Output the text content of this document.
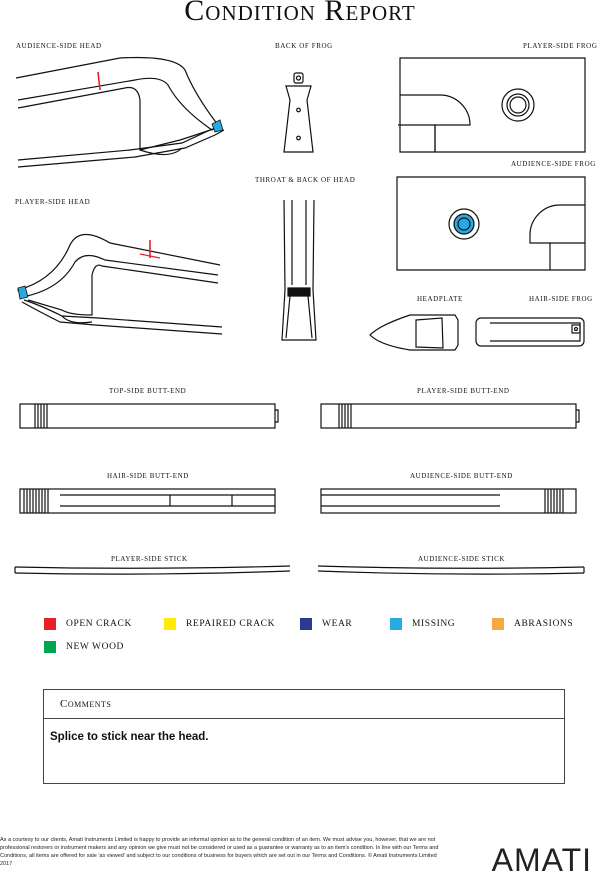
Condition Report
AUDIENCE-SIDE HEAD	BACK OF FROG	PLAYER-SIDE FROG
THROAT & BACK OF HEAD
AUDIENCE-SIDE FROG
PLAYER-SIDE HEAD
HEADPLATE	HAIR-SIDE FROG
TOP-SIDE BUTT-END	PLAYER-SIDE BUTT-END
HAIR-SIDE BUTT-END	AUDIENCE-SIDE BUTT-END
PLAYER-SIDE STICK	AUDIENCE-SIDE STICK
OPEN CRACK	REPAIRED CRACK	WEAR	MISSING	ABRASIONS
NEW WOOD
Comments
Splice to stick near the head.
As a courtesy to our clients, Amati Instruments Limited is happy to provide an informal opinion as to the general condition of an item. We must advise you, however, that we are not professional restorers or instrument makers and any opinion we give must not be considered or used as a guarantee or warranty as to an item's condition. In line with our Terms and Conditions, all items are offered for sale 'as viewed' and subject to our conditions of business for buyers which are set out in our Terms and Conditions. © Amati Instruments Limited 2017	AMATI
